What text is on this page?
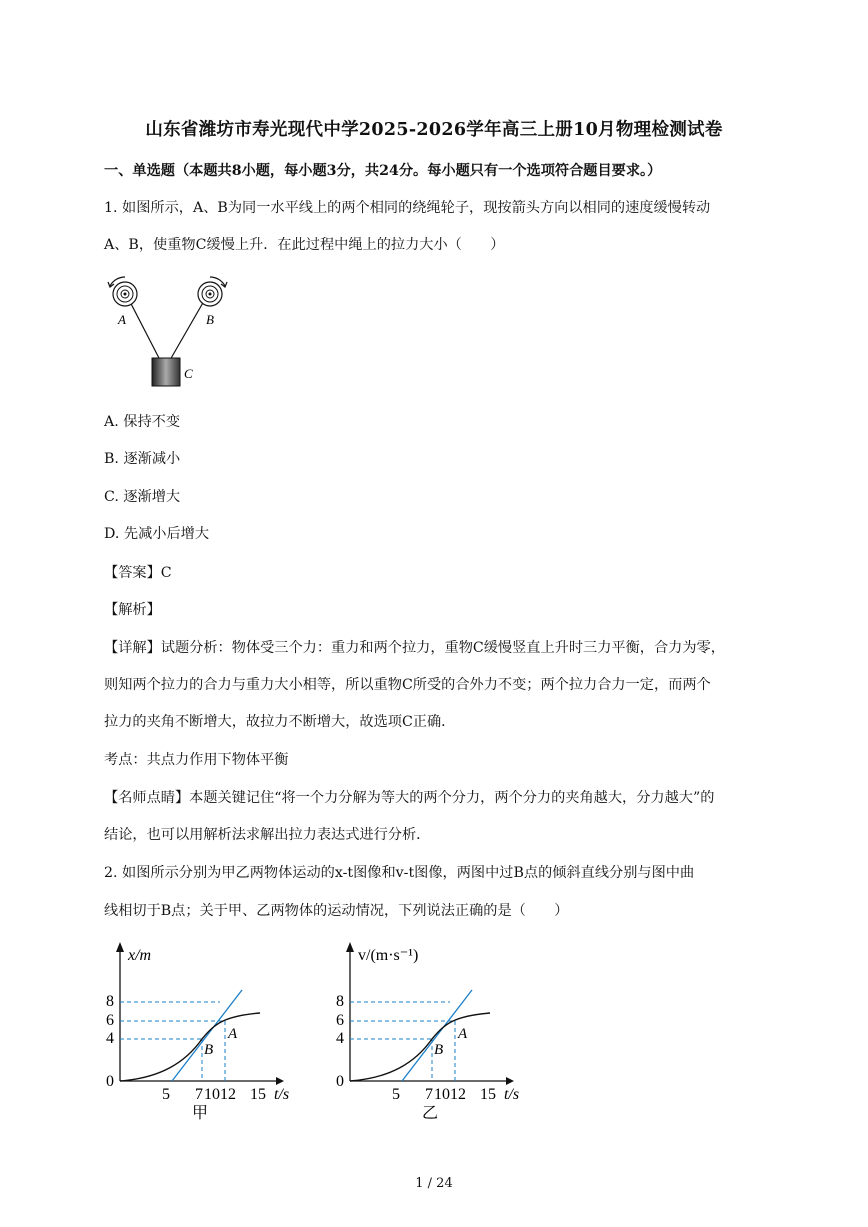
山东省潍坊市寿光现代中学2025-2026学年高三上册10月物理检测试卷
一、单选题（本题共8小题，每小题3分，共24分。每小题只有一个选项符合题目要求。）
1. 如图所示，A、B为同一水平线上的两个相同的绕绳轮子，现按箭头方向以相同的速度缓慢转动
A、B，使重物C缓慢上升．在此过程中绳上的拉力大小（　　）
A	B
C
A. 保持不变
B. 逐渐减小
C. 逐渐增大
D. 先减小后增大
【答案】C
【解析】
【详解】试题分析：物体受三个力：重力和两个拉力，重物C缓慢竖直上升时三力平衡，合力为零，
则知两个拉力的合力与重力大小相等，所以重物C所受的合外力不变；两个拉力合力一定，而两个
拉力的夹角不断增大，故拉力不断增大，故选项C正确．
考点：共点力作用下物体平衡
【名师点睛】本题关键记住“将一个力分解为等大的两个分力，两个分力的夹角越大，分力越大”的
结论，也可以用解析法求解出拉力表达式进行分析．
2. 如图所示分别为甲乙两物体运动的x-t图像和v-t图像，两图中过B点的倾斜直线分别与图中曲
线相切于B点；关于甲、乙两物体的运动情况，下列说法正确的是（　　）
8
6
4
0
5 7 10 12 15 t/s
x/m
A
B
甲
8
6
4
0
5 7 10 12 15 t/s
v/(m·s⁻¹)
A
B
乙
1 / 24
